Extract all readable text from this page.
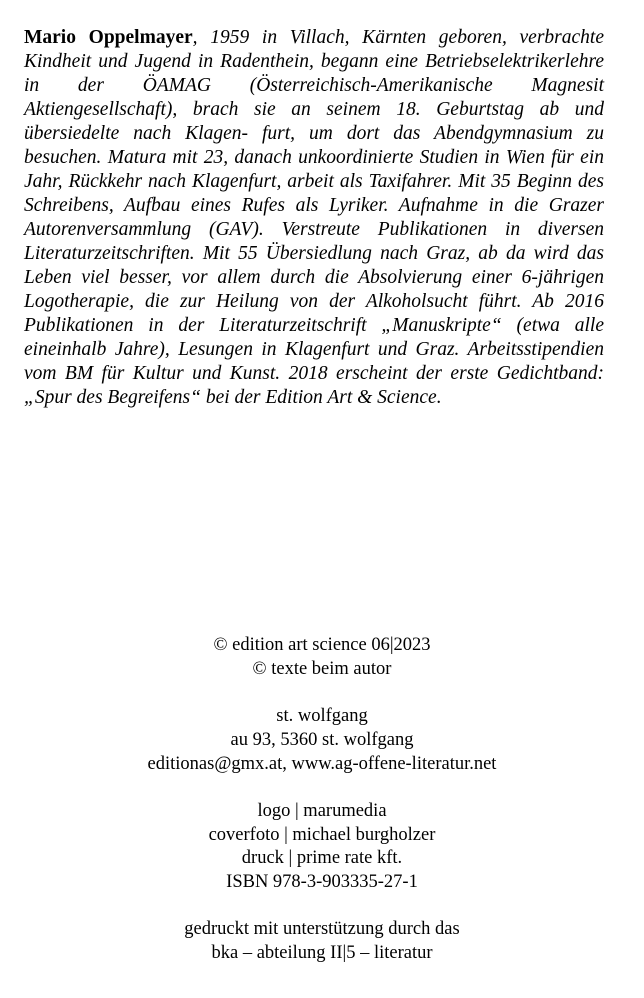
Mario Oppelmayer, 1959 in Villach, Kärnten geboren, verbrachte Kindheit und Jugend in Radenthein, begann eine Betriebselektrikerlehre in der ÖAMAG (Österreichisch-Amerikanische Magnesit Aktiengesellschaft), brach sie an seinem 18. Geburtstag ab und übersiedelte nach Klagen- furt, um dort das Abendgymnasium zu besuchen. Matura mit 23, danach unkoordinierte Studien in Wien für ein Jahr, Rückkehr nach Klagenfurt, arbeit als Taxifahrer. Mit 35 Beginn des Schreibens, Aufbau eines Rufes als Lyriker. Aufnahme in die Grazer Autorenversammlung (GAV). Verstreute Publikationen in diversen Literaturzeitschriften. Mit 55 Übersiedlung nach Graz, ab da wird das Leben viel besser, vor allem durch die Absolvierung einer 6-jährigen Logotherapie, die zur Heilung von der Alkoholsucht führt. Ab 2016 Publikationen in der Literaturzeitschrift „Manuskripte“ (etwa alle eineinhalb Jahre), Lesungen in Klagenfurt und Graz. Arbeitsstipendien vom BM für Kultur und Kunst. 2018 erscheint der erste Gedichtband: „Spur des Begreifens“ bei der Edition Art & Science.

© edition art science 06|2023
© texte beim autor
st. wolfgang
au 93, 5360 st. wolfgang
editionas@gmx.at, www.ag-offene-literatur.net
logo | marumedia
coverfoto | michael burgholzer
druck | prime rate kft.
ISBN 978-3-903335-27-1
gedruckt mit unterstützung durch das
bka – abteilung II|5 – literatur
